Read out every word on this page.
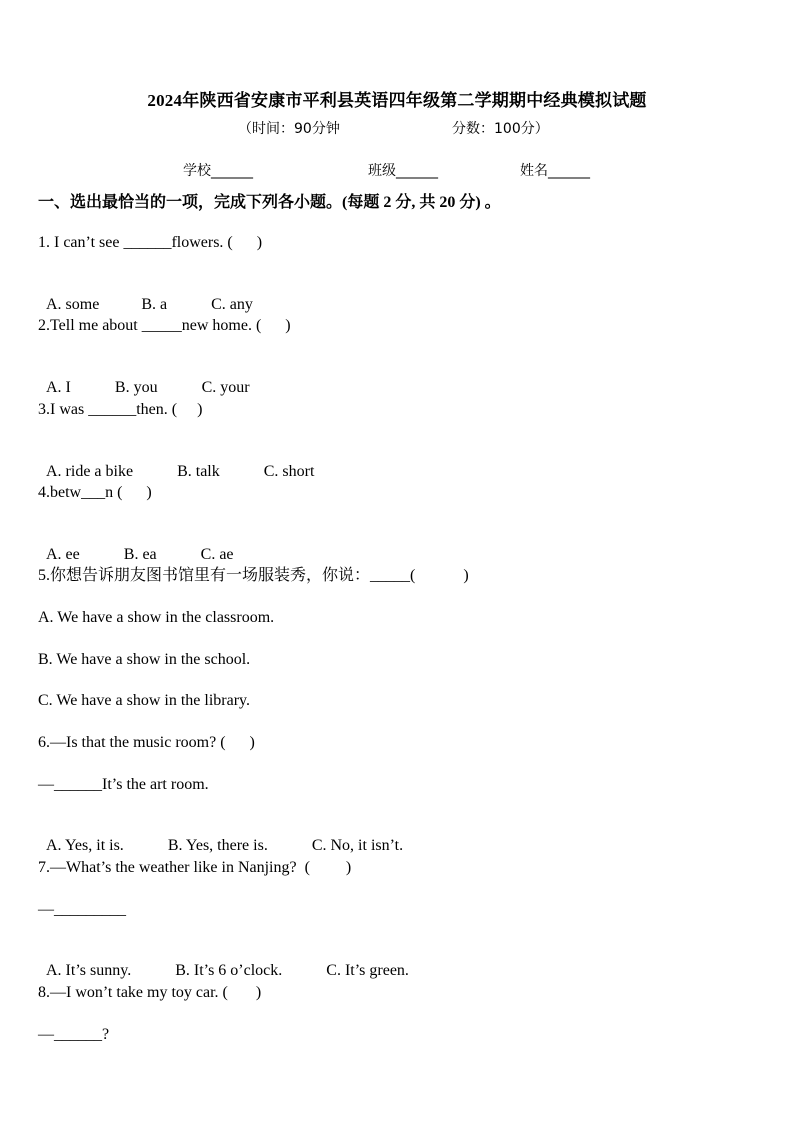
2024年陕西省安康市平利县英语四年级第二学期期中经典模拟试题
（时间：90分钟	分数：100分）
学校______	班级______	姓名______
一、选出最恰当的一项，完成下列各小题。(每题 2 分, 共 20 分) 。
1. I can’t see ______flowers. (      )

A. some	B. a	C. any

2.Tell me about _____new home. (      )

A. I	B. you	C. your

3.I was ______then. (     )

A. ride a bike	B. talk	C. short

4.betw___n (      )

A. ee	B. ea	C. ae

5.你想告诉朋友图书馆里有一场服装秀，你说：_____(            )
A. We have a show in the classroom.
B. We have a show in the school.
C. We have a show in the library.
6.—Is that the music room? (      )
—______It’s the art room.

A. Yes, it is.	B. Yes, there is.	C. No, it isn’t.

7.—What’s the weather like in Nanjing?  (         )
—_________

A. It’s sunny.	B. It’s 6 o’clock.	C. It’s green.

8.—I won’t take my toy car. (       )
—______?
